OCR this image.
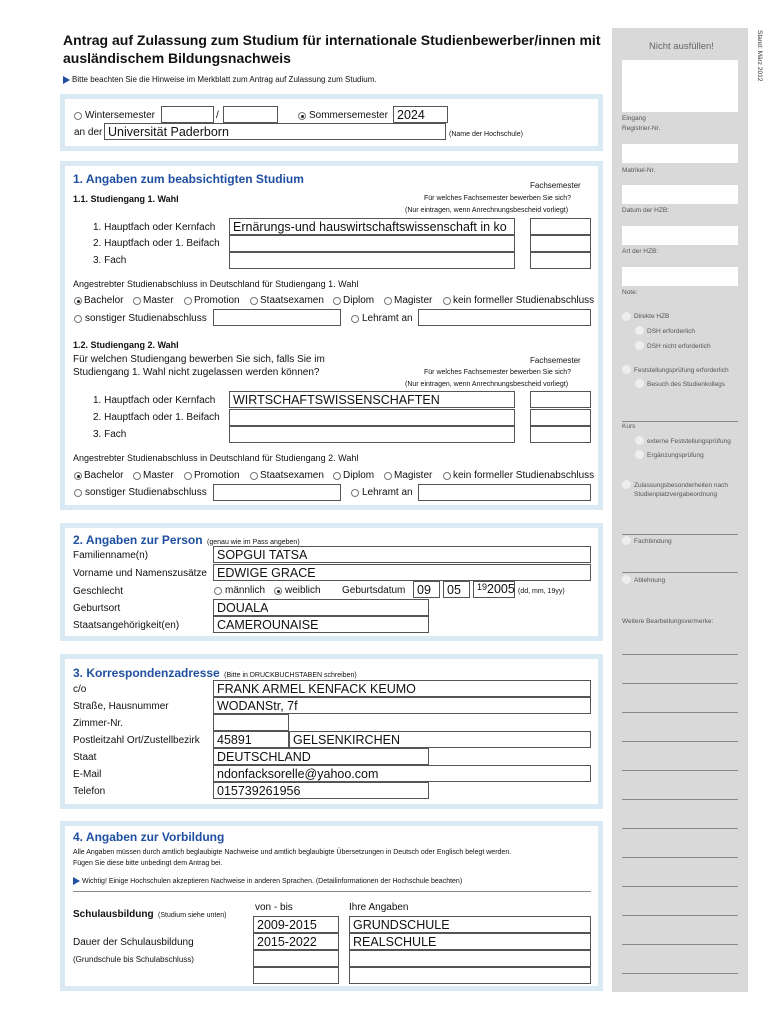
Antrag auf Zulassung zum Studium für internationale Studienbewerber/innen mit
ausländischem Bildungsnachweis
Bitte beachten Sie die Hinweise im Merkblatt zum Antrag auf Zulassung zum Studium.
Wintersemester	/	Sommersemester 2024
an der Universität Paderborn	(Name der Hochschule)
1. Angaben zum beabsichtigten Studium	Fachsemester
1.1. Studiengang 1. Wahl	Für welches Fachsemester bewerben Sie sich?
(Nur eintragen, wenn Anrechnungsbescheid vorliegt)
1. Hauptfach oder Kernfach Ernärungs-und hauswirtschaftswissenschaft in ko
2. Hauptfach oder 1. Beifach
3. Fach
Angestrebter Studienabschluss in Deutschland für Studiengang 1. Wahl
Bachelor Master Promotion Staatsexamen Diplom Magister kein formeller Studienabschluss
sonstiger Studienabschluss	Lehramt an
1.2. Studiengang 2. Wahl
Für welchen Studiengang bewerben Sie sich, falls Sie im	Fachsemester
Studiengang 1. Wahl nicht zugelassen werden können?	Für welches Fachsemester bewerben Sie sich?
(Nur eintragen, wenn Anrechnungsbescheid vorliegt)
1. Hauptfach oder Kernfach WIRTSCHAFTSWISSENSCHAFTEN
2. Hauptfach oder 1. Beifach
3. Fach
Angestrebter Studienabschluss in Deutschland für Studiengang 2. Wahl
Bachelor Master Promotion Staatsexamen Diplom Magister kein formeller Studienabschluss
sonstiger Studienabschluss	Lehramt an
2. Angaben zur Person (genau wie im Pass angeben)
Familienname(n)	SOPGUI TATSA
Vorname und Namenszusätze EDWIGE GRACE
Geschlecht	männlich weiblich Geburtsdatum 09 05 $^{19}$2005 (dd, mm, 19yy)
Geburtsort	DOUALA
Staatsangehörigkeit(en)	CAMEROUNAISE
3. Korrespondenzadresse (Bitte in DRUCKBUCHSTABEN schreiben)
c/o	FRANK ARMEL KENFACK KEUMO
Straße, Hausnummer	WODANStr, 7f
Zimmer-Nr.
Postleitzahl Ort/Zustellbezirk 45891	GELSENKIRCHEN
Staat	DEUTSCHLAND
E-Mail	ndonfacksorelle@yahoo.com
Telefon	015739261956
4. Angaben zur Vorbildung
Alle Angaben müssen durch amtlich beglaubigte Nachweise und amtlich beglaubigte Übersetzungen in Deutsch oder Englisch belegt werden.
Fügen Sie diese bitte unbedingt dem Antrag bei.
Wichtig! Einige Hochschulen akzeptieren Nachweise in anderen Sprachen. (Detailinformationen der Hochschule beachten)
Schulausbildung (Studium siehe unten)
von - bis	Ihre Angaben
Dauer der Schulausbildung
(Grundschule bis Schulabschluss)
2009-2015	GRUNDSCHULE
2015-2022	REALSCHULE
Stand: März 2012
Nicht ausfüllen!
Eingang
Registrier-Nr.
Matrikel-Nr.
Datum der HZB:
Art der HZB:
Note:
Direkte HZB
DSH erforderlich
DSH nicht erforderlich
Feststellungsprüfung erforderlich
Besuch des Studienkollegs
Kurs
externe Feststellungsprüfung
Ergänzungsprüfung
Zulassungsbesonderheiten nach
Studienplatzvergabeordnung
Fachbindung
Ablehnung
Weitere Bearbeitungsvermerke:
